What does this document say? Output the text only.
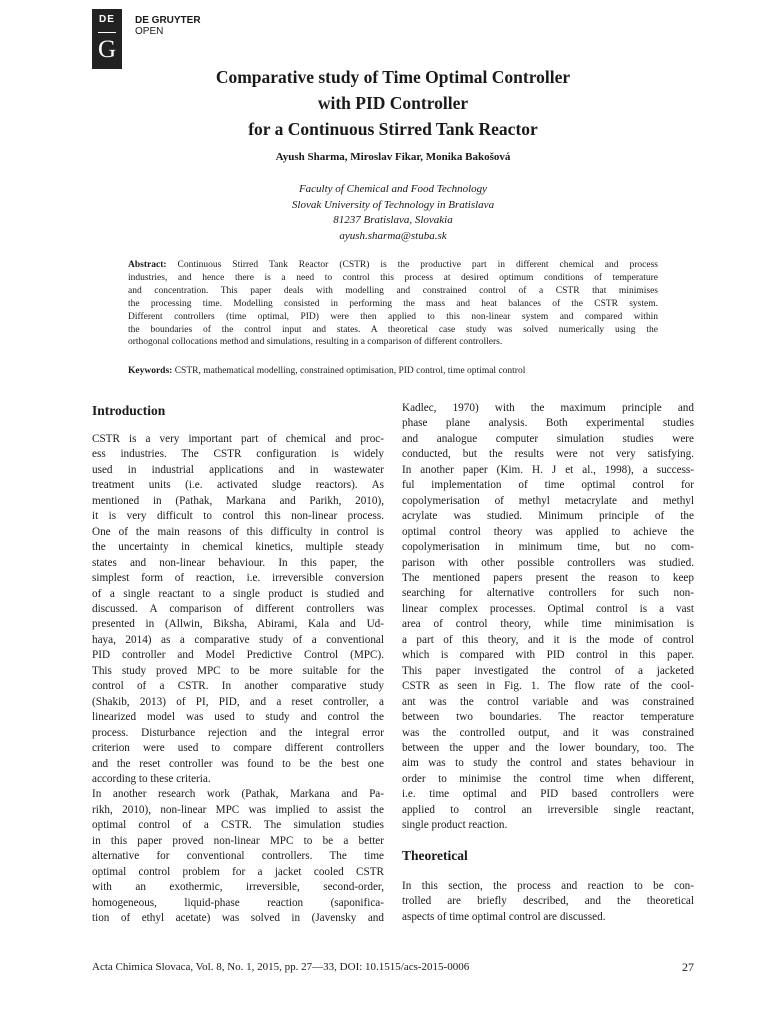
DE
G
DE GRUYTER
OPEN
Comparative study of Time Optimal Controller
with PID Controller
for a Continuous Stirred Tank Reactor
Ayush Sharma, Miroslav Fikar, Monika Bakošová
Faculty of Chemical and Food Technology
Slovak University of Technology in Bratislava
81237 Bratislava, Slovakia
ayush.sharma@stuba.sk
Abstract: Continuous Stirred Tank Reactor (CSTR) is the productive part in different chemical and process
industries, and hence there is a need to control this process at desired optimum conditions of temperature
and concentration. This paper deals with modelling and constrained control of a CSTR that minimises
the processing time. Modelling consisted in performing the mass and heat balances of the CSTR system.
Different controllers (time optimal, PID) were then applied to this non-linear system and compared within
the boundaries of the control input and states. A theoretical case study was solved numerically using the
orthogonal collocations method and simulations, resulting in a comparison of different controllers.
Keywords: CSTR, mathematical modelling, constrained optimisation, PID control, time optimal control
Introduction
CSTR is a very important part of chemical and proc-
ess industries. The CSTR configuration is widely
used in industrial applications and in wastewater
treatment units (i.e. activated sludge reactors). As
mentioned in (Pathak, Markana and Parikh, 2010),
it is very difficult to control this non-linear process.
One of the main reasons of this difficulty in control is
the uncertainty in chemical kinetics, multiple steady
states and non-linear behaviour. In this paper, the
simplest form of reaction, i.e. irreversible conversion
of a single reactant to a single product is studied and
discussed. A comparison of different controllers was
presented in (Allwin, Biksha, Abirami, Kala and Ud-
haya, 2014) as a comparative study of a conventional
PID controller and Model Predictive Control (MPC).
This study proved MPC to be more suitable for the
control of a CSTR. In another comparative study
(Shakib, 2013) of PI, PID, and a reset controller, a
linearized model was used to study and control the
process. Disturbance rejection and the integral error
criterion were used to compare different controllers
and the reset controller was found to be the best one
according to these criteria.
In another research work (Pathak, Markana and Pa-
rikh, 2010), non-linear MPC was implied to assist the
optimal control of a CSTR. The simulation studies
in this paper proved non-linear MPC to be a better
alternative for conventional controllers. The time
optimal control problem for a jacket cooled CSTR
with an exothermic, irreversible, second-order,
homogeneous, liquid-phase reaction (saponifica-
tion of ethyl acetate) was solved in (Javensky and
Kadlec, 1970) with the maximum principle and
phase plane analysis. Both experimental studies
and analogue computer simulation studies were
conducted, but the results were not very satisfying.
In another paper (Kim. H. J et al., 1998), a success-
ful implementation of time optimal control for
copolymerisation of methyl metacrylate and methyl
acrylate was studied. Minimum principle of the
optimal control theory was applied to achieve the
copolymerisation in minimum time, but no com-
parison with other possible controllers was studied.
The mentioned papers present the reason to keep
searching for alternative controllers for such non-
linear complex processes. Optimal control is a vast
area of control theory, while time minimisation is
a part of this theory, and it is the mode of control
which is compared with PID control in this paper.
This paper investigated the control of a jacketed
CSTR as seen in Fig. 1. The flow rate of the cool-
ant was the control variable and was constrained
between two boundaries. The reactor temperature
was the controlled output, and it was constrained
between the upper and the lower boundary, too. The
aim was to study the control and states behaviour in
order to minimise the control time when different,
i.e. time optimal and PID based controllers were
applied to control an irreversible single reactant,
single product reaction.
Theoretical
In this section, the process and reaction to be con-
trolled are briefly described, and the theoretical
aspects of time optimal control are discussed.
Acta Chimica Slovaca, Vol. 8, No. 1, 2015, pp. 27—33, DOI: 10.1515/acs-2015-0006	27
